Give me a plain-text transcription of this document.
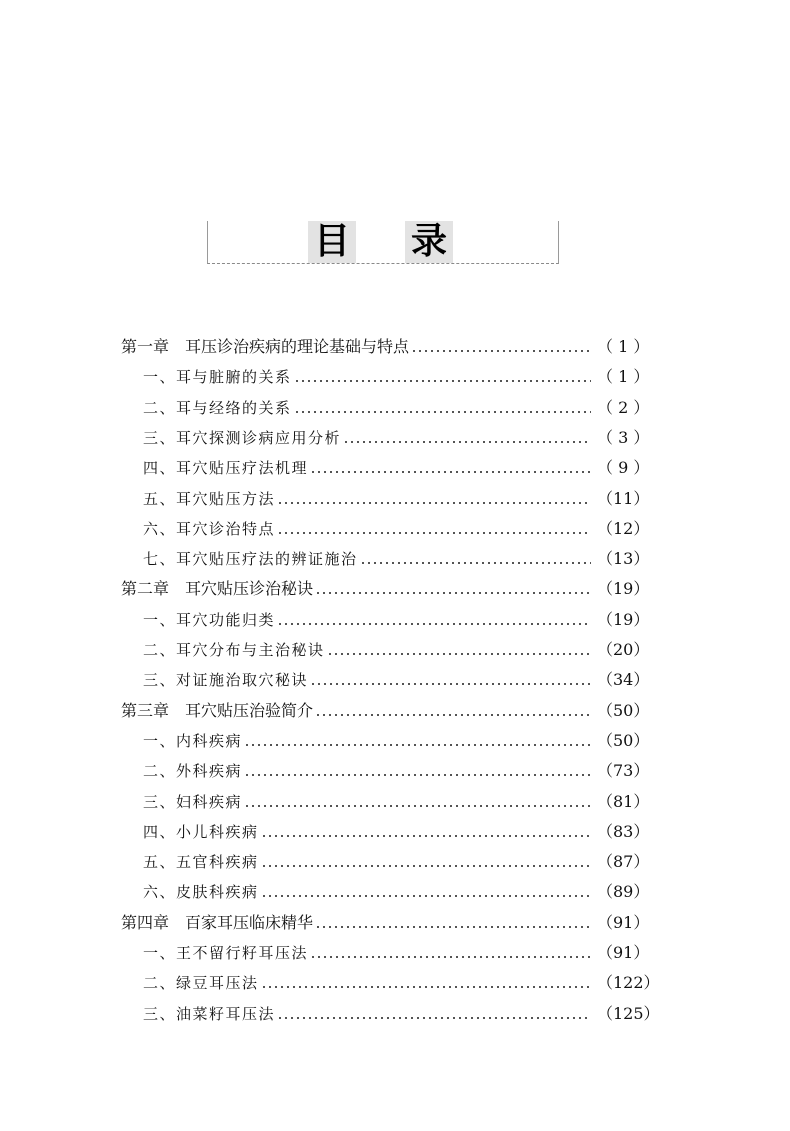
目 录
第一章　耳压诊治疾病的理论基础与特点	（ 1 ）
一、耳与脏腑的关系	（ 1 ）
二、耳与经络的关系	（ 2 ）
三、耳穴探测诊病应用分析	（ 3 ）
四、耳穴贴压疗法机理	（ 9 ）
五、耳穴贴压方法	（11）
六、耳穴诊治特点	（12）
七、耳穴贴压疗法的辨证施治	（13）
第二章　耳穴贴压诊治秘诀	（19）
一、耳穴功能归类	（19）
二、耳穴分布与主治秘诀	（20）
三、对证施治取穴秘诀	（34）
第三章　耳穴贴压治验简介	（50）
一、内科疾病	（50）
二、外科疾病	（73）
三、妇科疾病	（81）
四、小儿科疾病	（83）
五、五官科疾病	（87）
六、皮肤科疾病	（89）
第四章　百家耳压临床精华	（91）
一、王不留行籽耳压法	（91）
二、绿豆耳压法	（122）
三、油菜籽耳压法	（125）
